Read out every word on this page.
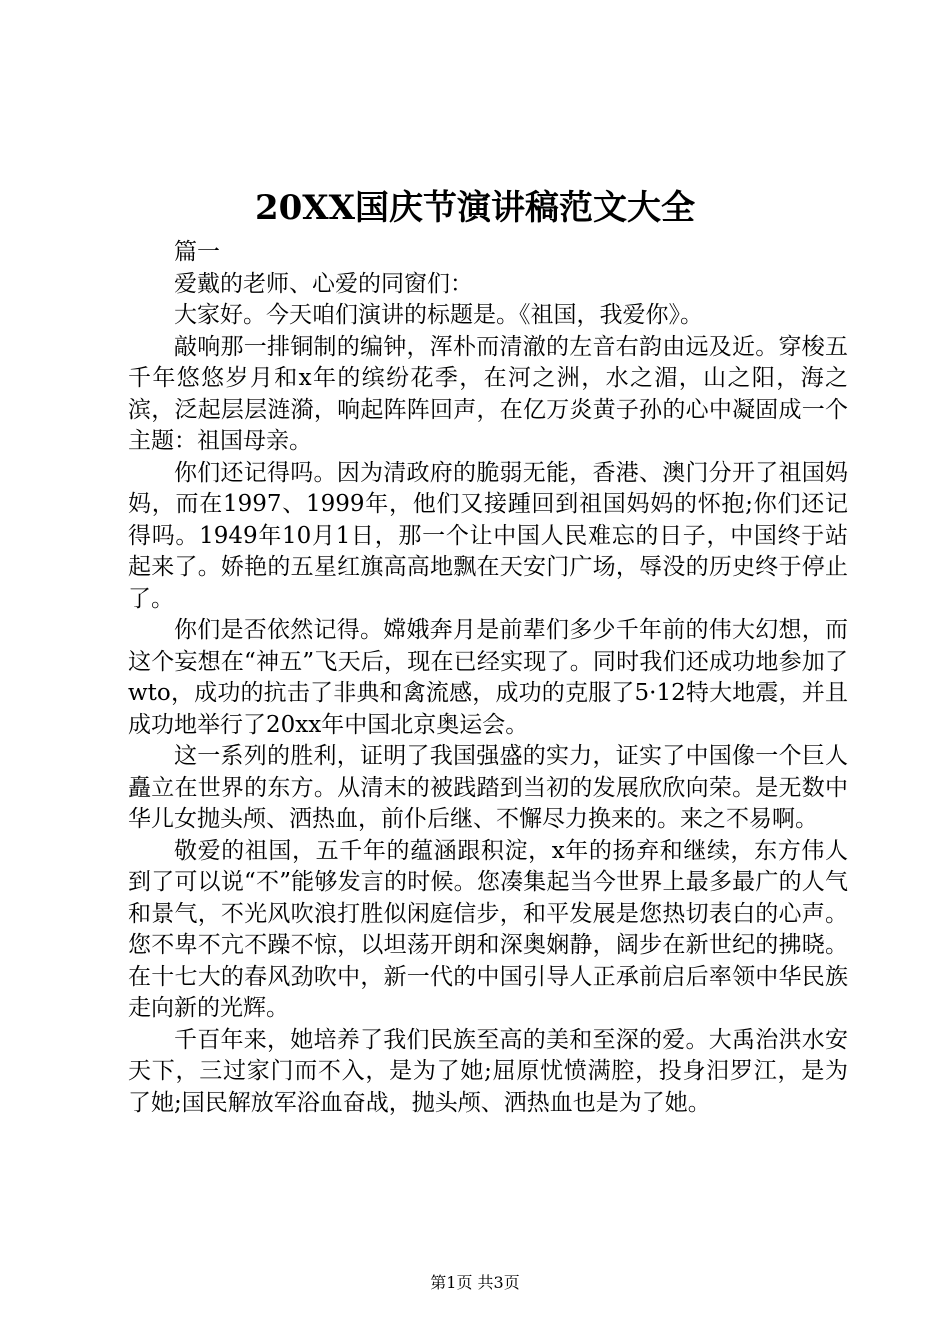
20XX国庆节演讲稿范文大全

篇一

爱戴的老师、心爱的同窗们：

大家好。今天咱们演讲的标题是。《祖国，我爱你》。

敲响那一排铜制的编钟，浑朴而清澈的左音右韵由远及近。穿梭五千年悠悠岁月和x年的缤纷花季，在河之洲，水之湄，山之阳，海之滨，泛起层层涟漪，响起阵阵回声，在亿万炎黄子孙的心中凝固成一个主题：祖国母亲。

你们还记得吗。因为清政府的脆弱无能，香港、澳门分开了祖国妈妈，而在1997、1999年，他们又接踵回到祖国妈妈的怀抱;你们还记得吗。1949年10月1日，那一个让中国人民难忘的日子，中国终于站起来了。娇艳的五星红旗高高地飘在天安门广场，辱没的历史终于停止了。

你们是否依然记得。嫦娥奔月是前辈们多少千年前的伟大幻想，而这个妄想在“神五”飞天后，现在已经实现了。同时我们还成功地参加了wto，成功的抗击了非典和禽流感，成功的克服了5·12特大地震，并且成功地举行了20xx年中国北京奥运会。

这一系列的胜利，证明了我国强盛的实力，证实了中国像一个巨人矗立在世界的东方。从清末的被践踏到当初的发展欣欣向荣。是无数中华儿女抛头颅、洒热血，前仆后继、不懈尽力换来的。来之不易啊。

敬爱的祖国，五千年的蕴涵跟积淀，x年的扬弃和继续，东方伟人到了可以说“不”能够发言的时候。您凑集起当今世界上最多最广的人气和景气，不光风吹浪打胜似闲庭信步，和平发展是您热切表白的心声。您不卑不亢不躁不惊，以坦荡开朗和深奥娴静，阔步在新世纪的拂晓。在十七大的春风劲吹中，新一代的中国引导人正承前启后率领中华民族走向新的光辉。

千百年来，她培养了我们民族至高的美和至深的爱。大禹治洪水安天下，三过家门而不入，是为了她;屈原忧愤满腔，投身汨罗江，是为了她;国民解放军浴血奋战，抛头颅、洒热血也是为了她。

第1页 共3页
